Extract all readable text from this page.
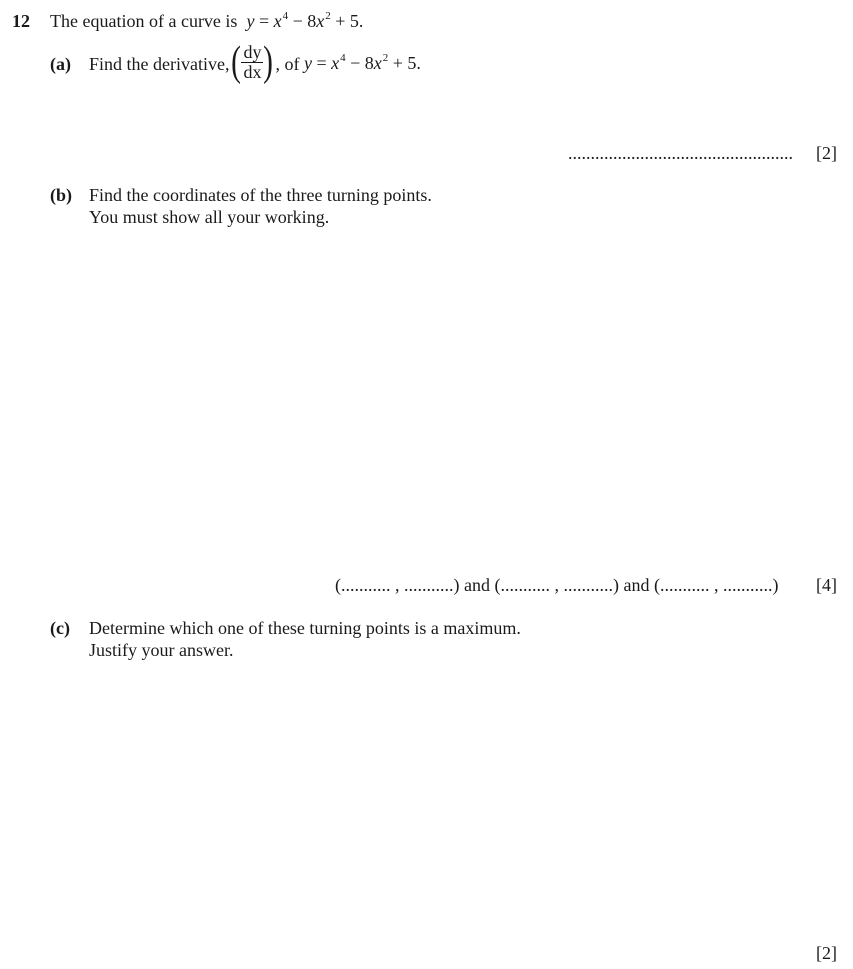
12 The equation of a curve is $y = x^4 - 8x^2 + 5$.
(a) Find the derivative, ( $\frac{dy}{dx}$ ) , of $y = x^4 - 8x^2 + 5$.
.................................................. [2]
(b) Find the coordinates of the three turning points.
You must show all your working.
(........... , ...........) and (........... , ...........) and (........... , ...........) [4]
(c) Determine which one of these turning points is a maximum.
Justify your answer.
[2]
